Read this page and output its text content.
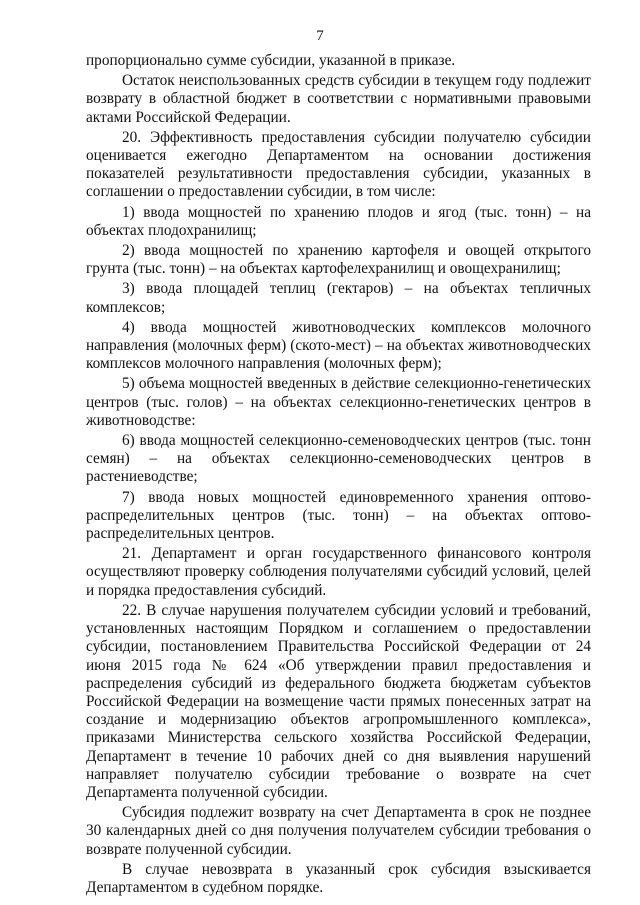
7

пропорционально сумме субсидии, указанной в приказе.

Остаток неиспользованных средств субсидии в текущем году подлежит возврату в областной бюджет в соответствии с нормативными правовыми актами Российской Федерации.

20. Эффективность предоставления субсидии получателю субсидии оценивается ежегодно Департаментом на основании достижения показателей результативности предоставления субсидии, указанных в соглашении о предоставлении субсидии, в том числе:

1) ввода мощностей по хранению плодов и ягод (тыс. тонн) – на объектах плодохранилищ;

2) ввода мощностей по хранению картофеля и овощей открытого грунта (тыс. тонн) – на объектах картофелехранилищ и овощехранилищ;

3) ввода площадей теплиц (гектаров) – на объектах тепличных комплексов;

4) ввода мощностей животноводческих комплексов молочного направления (молочных ферм) (ското-мест) – на объектах животноводческих комплексов молочного направления (молочных ферм);

5) объема мощностей введенных в действие селекционно-генетических центров (тыс. голов) – на объектах селекционно-генетических центров в животноводстве:

6) ввода мощностей селекционно-семеноводческих центров (тыс. тонн семян) – на объектах селекционно-семеноводческих центров в растениеводстве;

7) ввода новых мощностей единовременного хранения оптово-распределительных центров (тыс. тонн) – на объектах оптово-распределительных центров.

21. Департамент и орган государственного финансового контроля осуществляют проверку соблюдения получателями субсидий условий, целей и порядка предоставления субсидий.

22. В случае нарушения получателем субсидии условий и требований, установленных настоящим Порядком и соглашением о предоставлении субсидии, постановлением Правительства Российской Федерации от 24 июня 2015 года № 624 «Об утверждении правил предоставления и распределения субсидий из федерального бюджета бюджетам субъектов Российской Федерации на возмещение части прямых понесенных затрат на создание и модернизацию объектов агропромышленного комплекса», приказами Министерства сельского хозяйства Российской Федерации, Департамент в течение 10 рабочих дней со дня выявления нарушений направляет получателю субсидии требование о возврате на счет Департамента полученной субсидии.

Субсидия подлежит возврату на счет Департамента в срок не позднее 30 календарных дней со дня получения получателем субсидии требования о возврате полученной субсидии.

В случае невозврата в указанный срок субсидия взыскивается Департаментом в судебном порядке.
